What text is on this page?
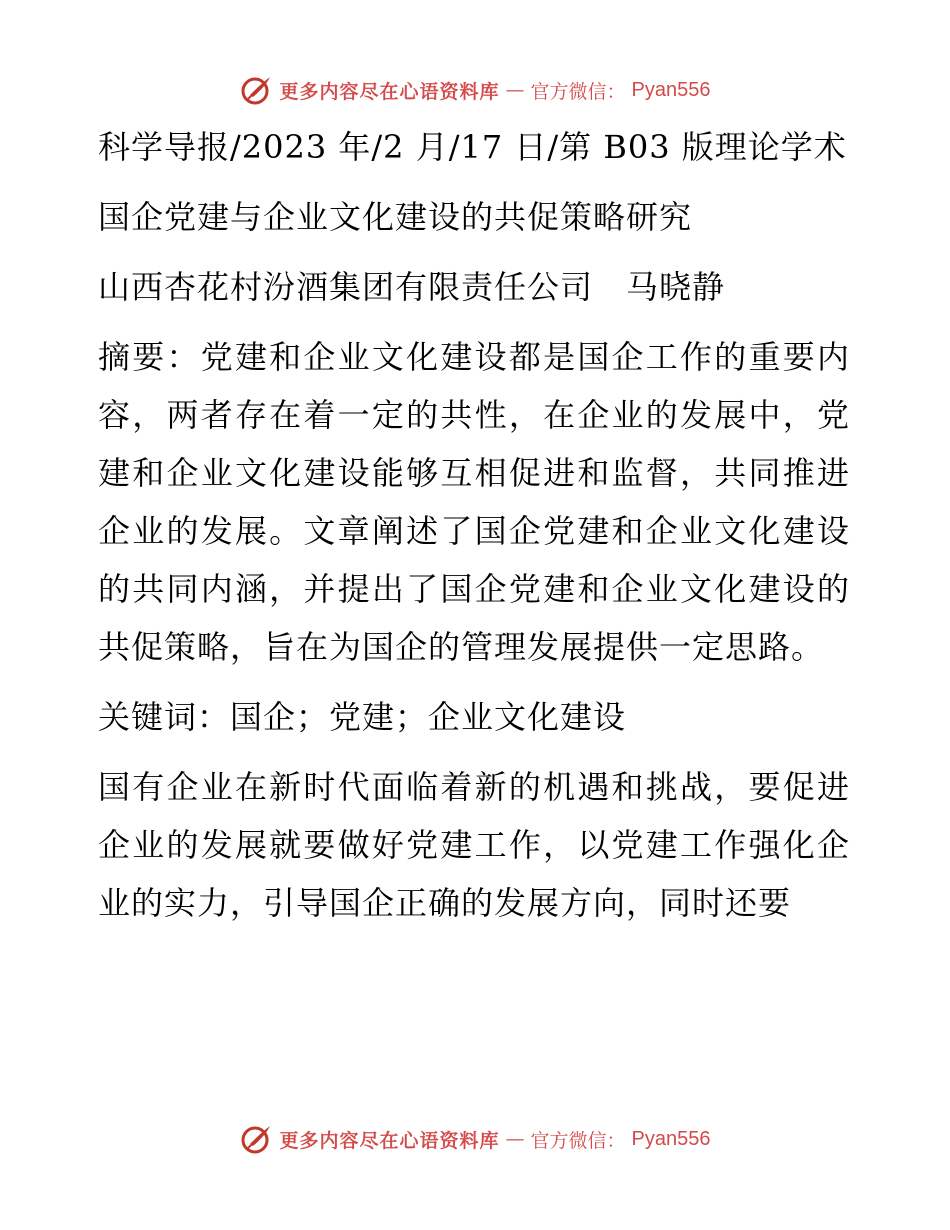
更多内容尽在心语资料库 — 官方微信： Pyan556

科学导报/2023 年/2 月/17 日/第 B03 版理论学术

国企党建与企业文化建设的共促策略研究

山西杏花村汾酒集团有限责任公司　马晓静

摘要：党建和企业文化建设都是国企工作的重要内容，两者存在着一定的共性，在企业的发展中，党建和企业文化建设能够互相促进和监督，共同推进企业的发展。文章阐述了国企党建和企业文化建设的共同内涵，并提出了国企党建和企业文化建设的共促策略，旨在为国企的管理发展提供一定思路。

关键词：国企；党建；企业文化建设

国有企业在新时代面临着新的机遇和挑战，要促进企业的发展就要做好党建工作，以党建工作强化企业的实力，引导国企正确的发展方向，同时还要

更多内容尽在心语资料库 — 官方微信： Pyan556
